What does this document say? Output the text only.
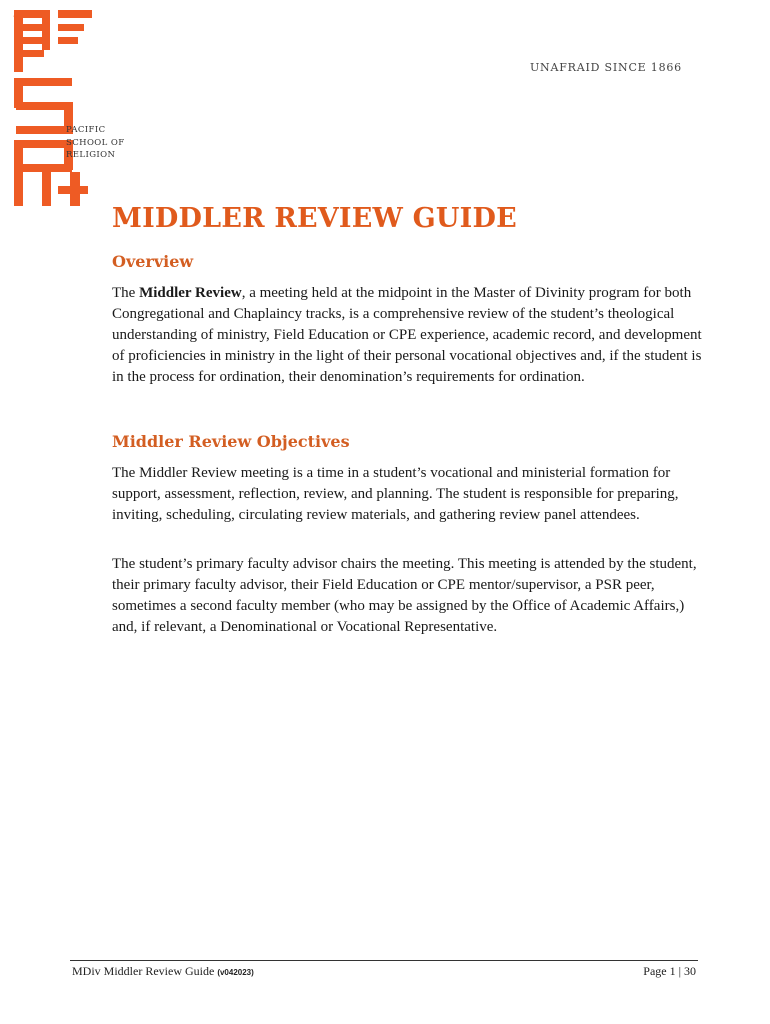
®
PACIFIC
SCHOOL OF
RELIGION
UNAFRAID SINCE 1866
MIDDLER REVIEW GUIDE
Overview

The Middler Review, a meeting held at the midpoint in the Master of Divinity program for both Congregational and Chaplaincy tracks, is a comprehensive review of the student’s theological understanding of ministry, Field Education or CPE experience, academic record, and development of proficiencies in ministry in the light of their personal vocational objectives and, if the student is in the process for ordination, their denomination’s requirements for ordination.

Middler Review Objectives

The Middler Review meeting is a time in a student’s vocational and ministerial formation for support, assessment, reflection, review, and planning. The student is responsible for preparing, inviting, scheduling, circulating review materials, and gathering review panel attendees.

The student’s primary faculty advisor chairs the meeting. This meeting is attended by the student, their primary faculty advisor, their Field Education or CPE mentor/supervisor, a PSR peer, sometimes a second faculty member (who may be assigned by the Office of Academic Affairs,) and, if relevant, a Denominational or Vocational Representative.

MDiv Middler Review Guide (v042023)	Page 1 | 30
